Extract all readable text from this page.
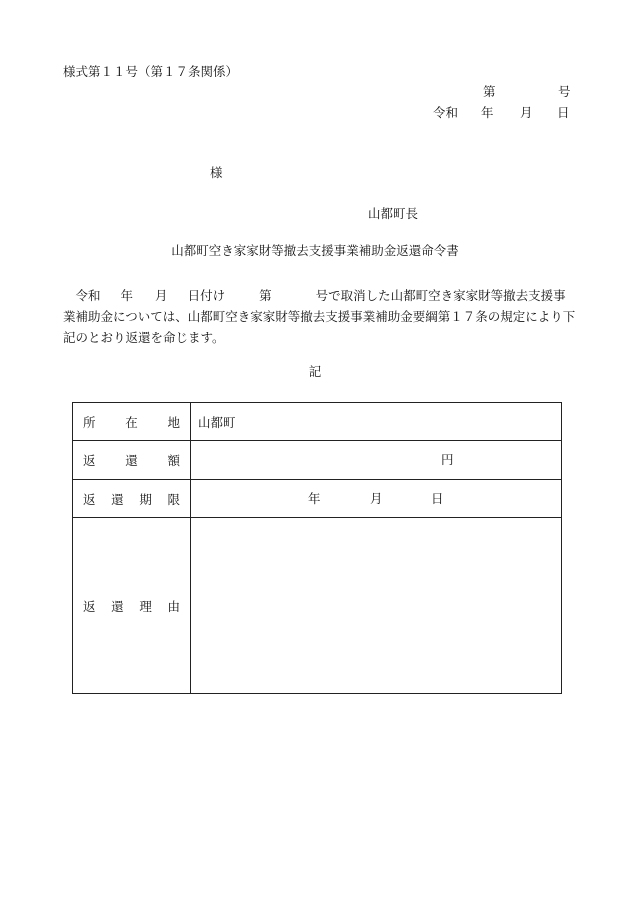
様式第１１号（第１７条関係）
第	号
令和 年 月 日
様
山都町長
山都町空き家家財等撤去支援事業補助金返還命令書
　令和 年 月 日付け	第	号で取消した山都町空き家家財等撤去支援事
業補助金については、山都町空き家家財等撤去支援事業補助金要綱第１７条の規定により下
記のとおり返還を命じます。
記
所 在 地	山都町

返 還 額	円

返 還 期 限	年 月 日

返 還 理 由	
